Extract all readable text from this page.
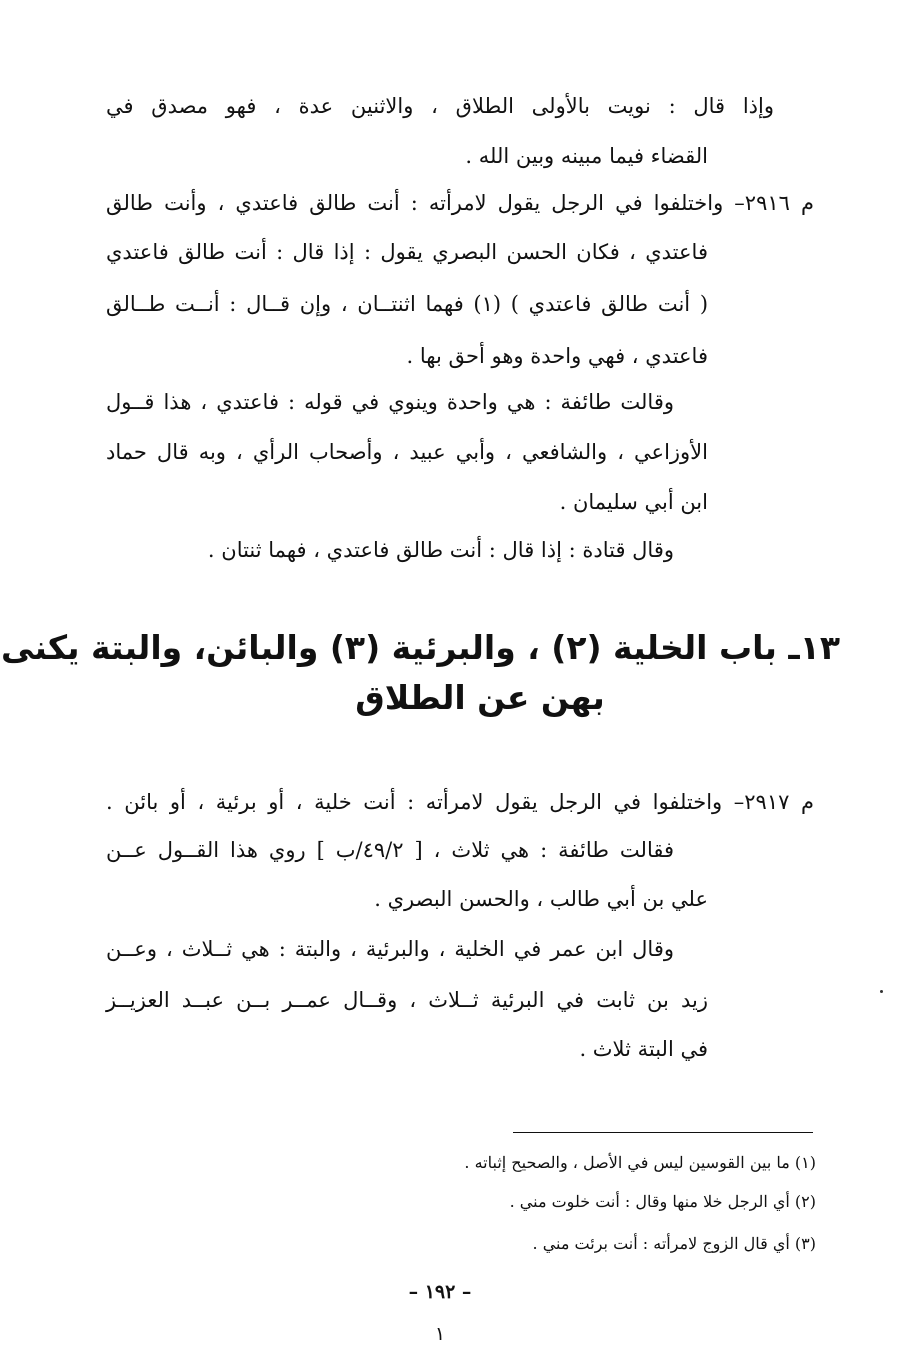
وإذا قال : نويت بالأولى الطلاق ، والاثنين عدة ، فهو مصدق في
القضاء فيما مبينه وبين الله .
م ٢٩١٦– واختلفوا في الرجل يقول لامرأته : أنت طالق فاعتدي ، وأنت طالق
فاعتدي ، فكان الحسن البصري يقول : إذا قال : أنت طالق فاعتدي
( أنت طالق فاعتدي ) (١) فهما اثنتــان ، وإن قــال : أنــت طــالق
فاعتدي ، فهي واحدة وهو أحق بها .
وقالت طائفة : هي واحدة وينوي في قوله : فاعتدي ، هذا قــول
الأوزاعي ، والشافعي ، وأبي عبيد ، وأصحاب الرأي ، وبه قال حماد
ابن أبي سليمان .
وقال قتادة : إذا قال : أنت طالق فاعتدي ، فهما ثنتان .
١٣ـ باب الخلية (٢) ، والبرئية (٣) والبائن، والبتة يكنى
بهن عن الطلاق
م ٢٩١٧– واختلفوا في الرجل يقول لامرأته : أنت خلية ، أو برئية ، أو بائن .
فقالت طائفة : هي ثلاث ، [ ٤٩/٢/ب ] روي هذا القــول عــن
علي بن أبي طالب ، والحسن البصري .
وقال ابن عمر في الخلية ، والبرئية ، والبتة : هي ثــلاث ، وعــن
زيد بن ثابت في البرئية ثــلاث ، وقــال عمــر بــن عبــد العزيــز
في البتة ثلاث .
(١) ما بين القوسين ليس في الأصل ، والصحيح إثباته .
(٢) أي الرجل خلا منها وقال : أنت خلوت مني .
(٣) أي قال الزوج لامرأته : أنت برئت مني .
– ١٩٢ –
١
